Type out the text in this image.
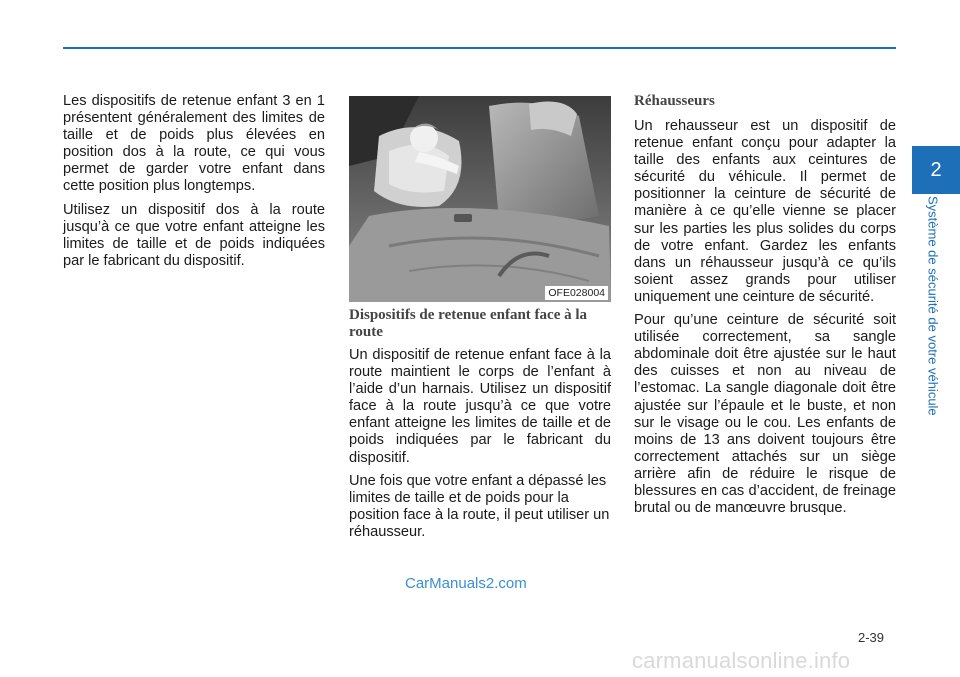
Les dispositifs de retenue enfant 3 en 1 présentent généralement des limites de taille et de poids plus élevées en position dos à la route, ce qui vous permet de garder votre enfant dans cette position plus longtemps.

Utilisez un dispositif dos à la route jusqu’à ce que votre enfant atteigne les limites de taille et de poids indiquées par le fabricant du dispositif.

OFE028004
Dispositifs de retenue enfant face à la route

Un dispositif de retenue enfant face à la route maintient le corps de l’enfant à l’aide d’un harnais. Utilisez un dispositif face à la route jusqu’à ce que votre enfant atteigne les limites de taille et de poids indiquées par le fabricant du dispositif.

Une fois que votre enfant a dépassé les limites de taille et de poids pour la position face à la route, il peut utiliser un réhausseur.

Réhausseurs

Un rehausseur est un dispositif de retenue enfant conçu pour adapter la taille des enfants aux ceintures de sécurité du véhicule. Il permet de positionner la ceinture de sécurité de manière à ce qu’elle vienne se placer sur les parties les plus solides du corps de votre enfant. Gardez les enfants dans un réhausseur jusqu’à ce qu’ils soient assez grands pour utiliser uniquement une ceinture de sécurité.

Pour qu’une ceinture de sécurité soit utilisée correctement, sa sangle abdominale doit être ajustée sur le haut des cuisses et non au niveau de l’estomac. La sangle diagonale doit être ajustée sur l’épaule et le buste, et non sur le visage ou le cou. Les enfants de moins de 13 ans doivent toujours être correctement attachés sur un siège arrière afin de réduire le risque de blessures en cas d’accident, de freinage brutal ou de manœuvre brusque.

2
Système de sécurité de votre véhicule
CarManuals2.com
2-39
carmanualsonline.info
